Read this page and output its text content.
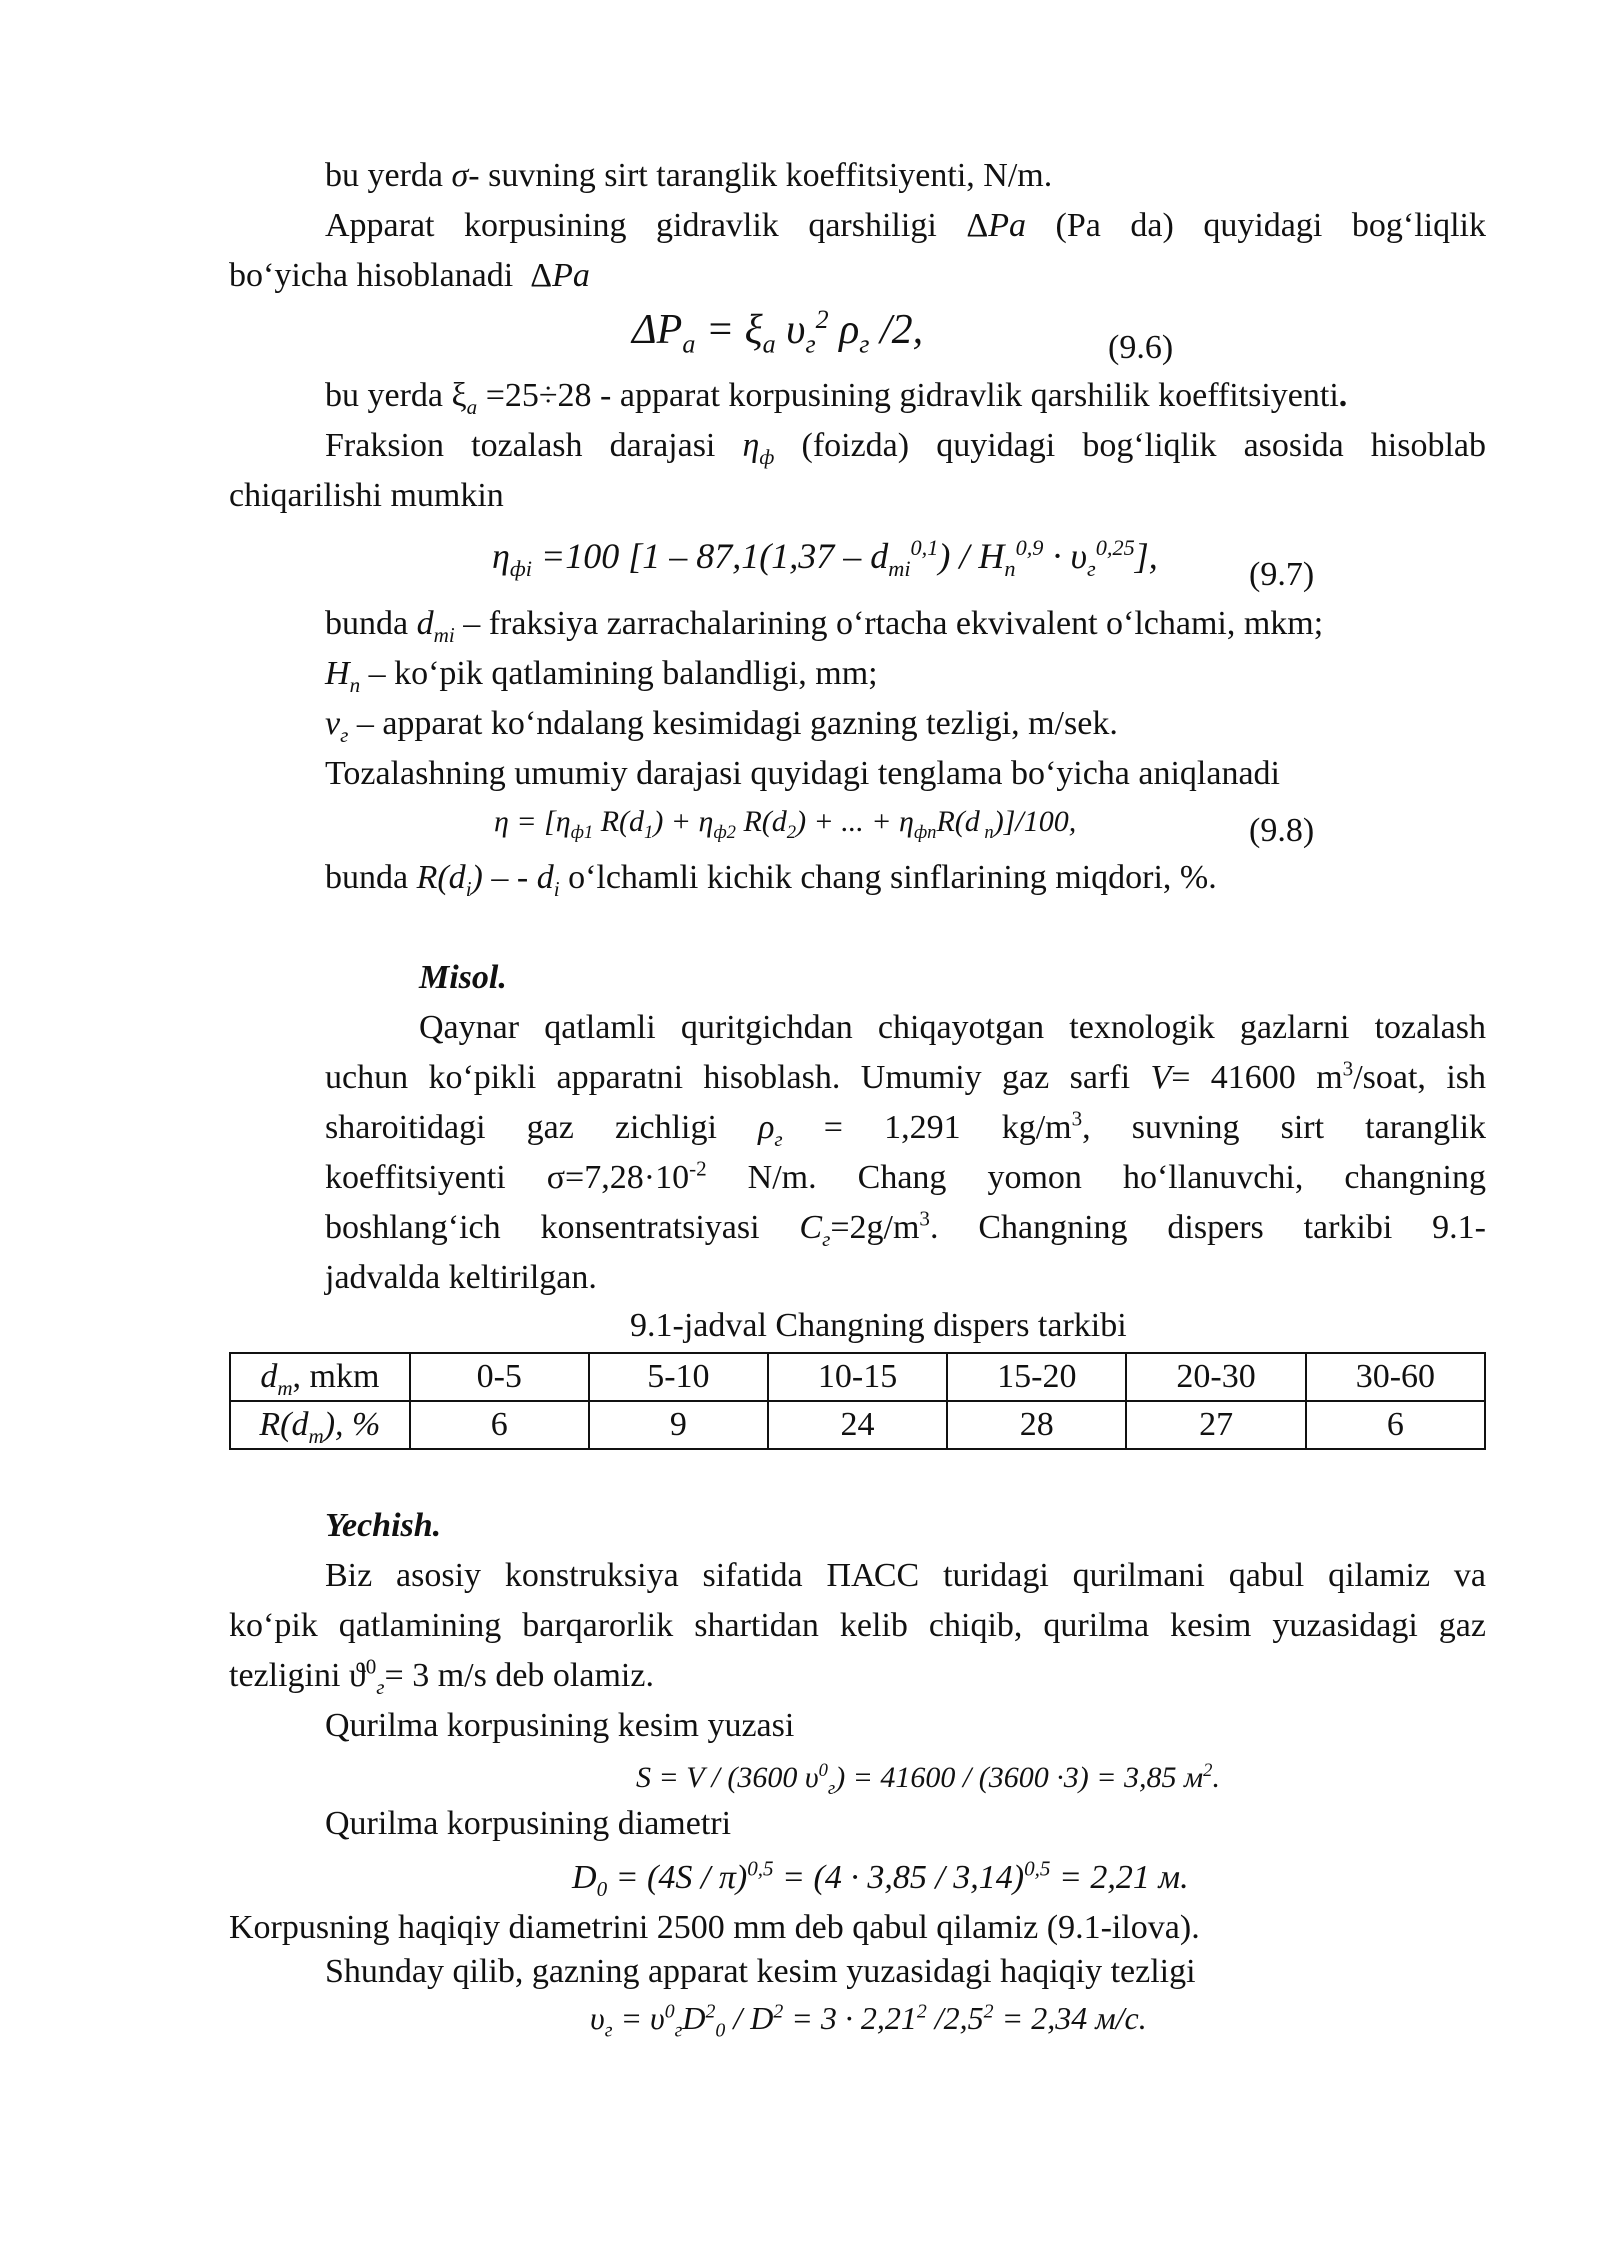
bu yerda σ- suvning sirt taranglik koeffitsiyenti, N/m.
Apparat korpusining gidravlik qarshiligi ΔPa (Pa da) quyidagi bog‘liqlik
bo‘yicha hisoblanadi ΔPa
$\Delta P_a = \xi_a$ $\upsilon_г^2$ $\rho_г$ /2,	(9.6)
bu yerda $\xi_a =25\div 28$ - apparat korpusining gidravlik qarshilik koeffitsiyenti.
Fraksion tozalash darajasi $\eta_ф$ (foizda) quyidagi bog‘liqlik asosida hisoblab
chiqarilishi mumkin
$\eta_{фi} =100$ $[1 - 87,1(1,37 - d_{mi}^{0,1}) / H_n^{0,9} \cdot \upsilon_г^{0,25}]$,	(9.7)
bunda $d_{mi}$ – fraksiya zarrachalarining o‘rtacha ekvivalent o‘lchami, mkm;
$H_n$ – ko‘pik qatlamining balandligi, mm;
$v_г$ – apparat ko‘ndalang kesimidagi gazning tezligi, m/sek.
Tozalashning umumiy darajasi quyidagi tenglama bo‘yicha aniqlanadi
$\eta = [\eta_{ф1}$ $R(d_1) + \eta_{ф2}$ $R(d_2)$ + ... + $\eta_{фn}R(d$ $_n$)]/100,	(9.8)
bunda $R(d_i)$ – - $d_i$ o‘lchamli kichik chang sinflarining miqdori, %.
Misol.
Qaynar qatlamli quritgichdan chiqayotgan texnologik gazlarni tozalash
uchun ko‘pikli apparatni hisoblash. Umumiy gaz sarfi V= 41600 $m^3$/soat, ish
sharoitidagi gaz zichligi $\rho_г = 1,291$ $kg/m^3$, suvning sirt taranglik
koeffitsiyenti $\sigma=7,28\cdot 10^{-2}$ N/m. Chang yomon ho‘llanuvchi, changning
boshlang‘ich konsentratsiyasi $C_г=2g/m^3$. Changning dispers tarkibi 9.1-
jadvalda keltirilgan.
9.1-jadval Changning dispers tarkibi
$d_m$, mkm	0-5	5-10	10-15	15-20	20-30	30-60
$R(d_m)$, %	6	9	24	28	27	6
Yechish.
Biz asosiy konstruksiya sifatida ПАСС turidagi qurilmani qabul qilamiz va
ko‘pik qatlamining barqarorlik shartidan kelib chiqib, qurilma kesim yuzasidagi gaz
tezligini $ϑ^0_г= 3$ m/s deb olamiz.
Qurilma korpusining kesim yuzasi
S = V / (3600 $\upsilon^0_г) = 41600 / (3600 \cdot 3) = 3,85$ $м^2$.
Qurilma korpusining diametri
$D_0 = (4S / \pi)^{0,5} = (4 \cdot 3,85 / 3,14)^{0,5} = 2,21$ м.
Korpusning haqiqiy diametrini 2500 mm deb qabul qilamiz (9.1-ilova).
Shunday qilib, gazning apparat kesim yuzasidagi haqiqiy tezligi
$\upsilon_г = \upsilon^0_гD^2_0 / D^2 = 3 \cdot 2,21^2$ $/2,5^2 = 2,34$ м/с.
